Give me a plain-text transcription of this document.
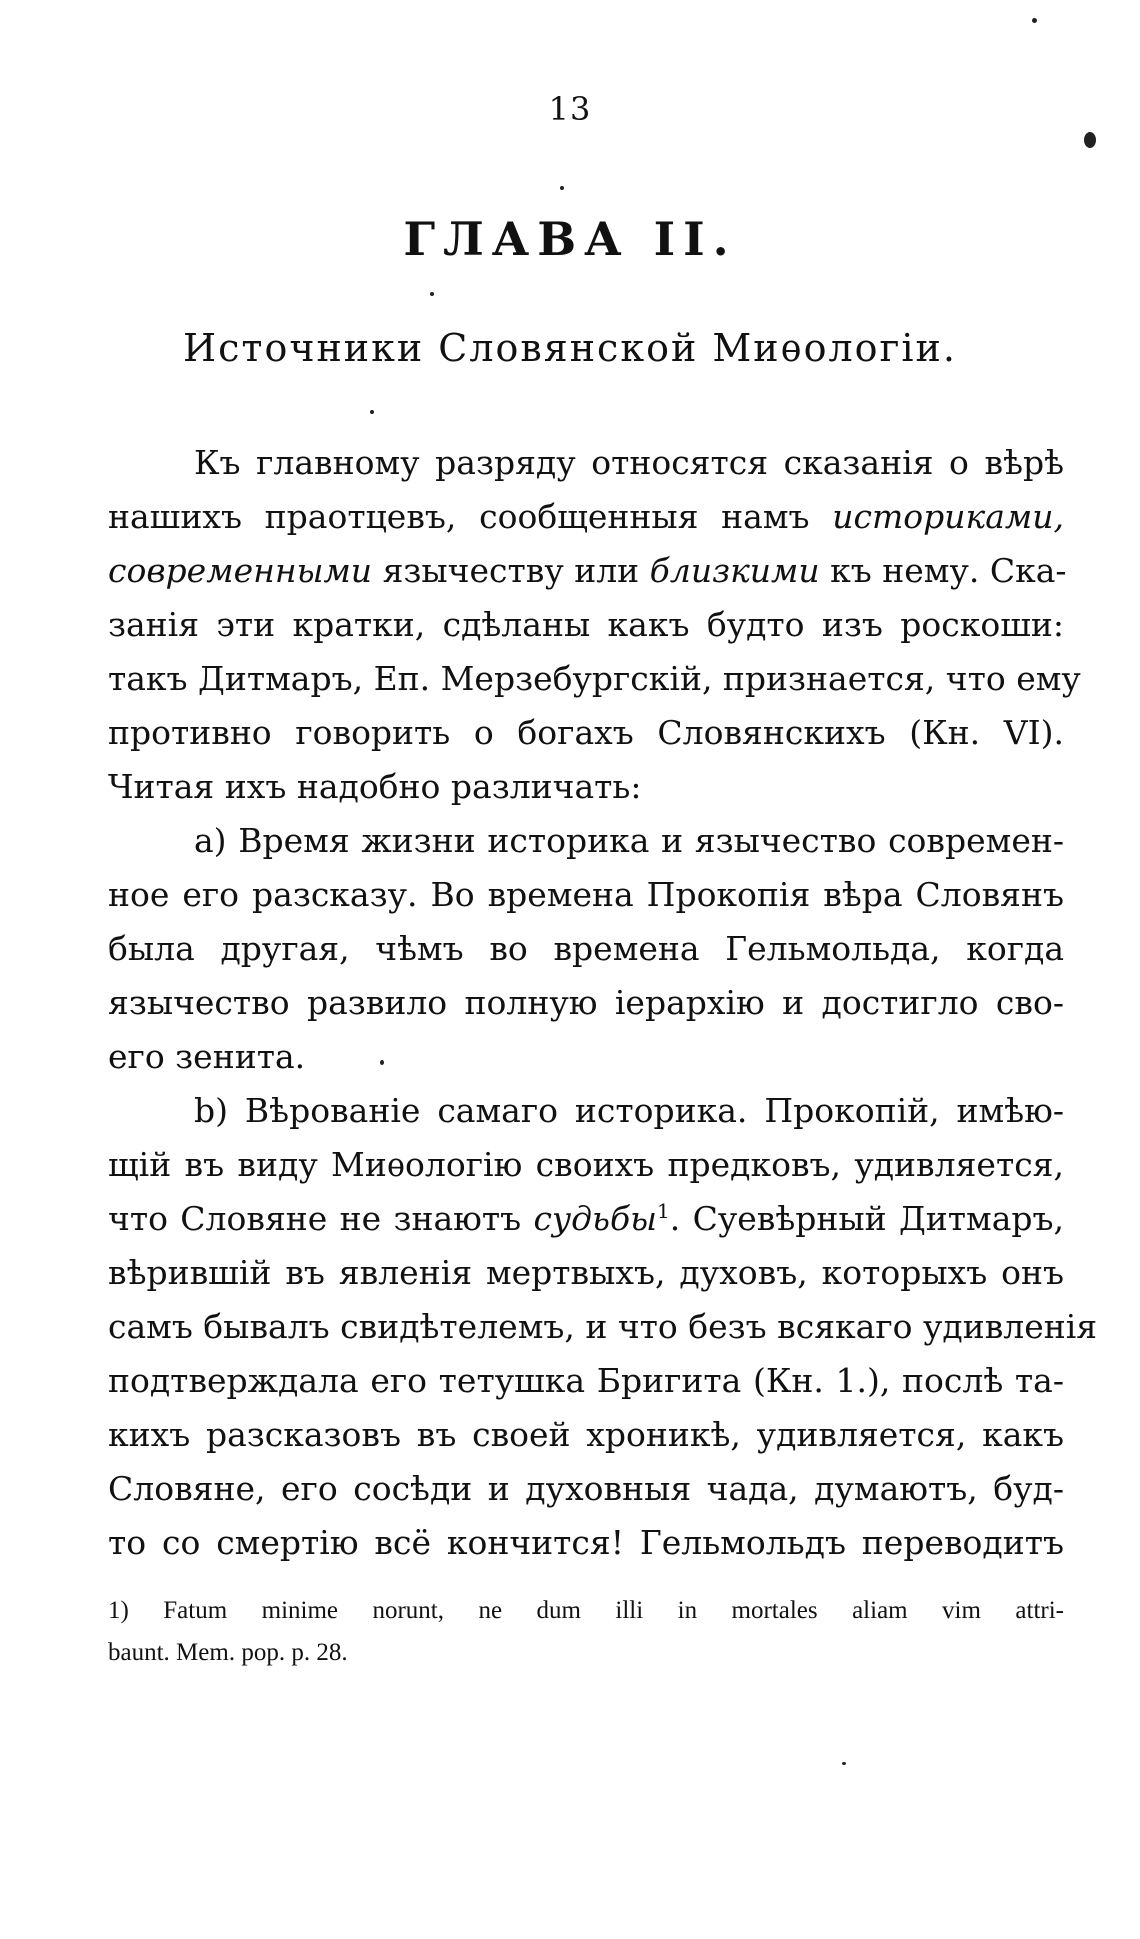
13
ГЛАВА II.
Источники Словянской Миѳологіи.
Къ главному разряду относятся сказанія о вѣрѣ
нашихъ праотцевъ, сообщенныя намъ историками,
современными язычеству или близкими къ нему. Ска-
занія эти кратки, сдѣланы какъ будто изъ роскоши:
такъ Дитмаръ, Еп. Мерзебургскій, признается, что ему
противно говорить о богахъ Словянскихъ (Кн. VI).
Читая ихъ надобно различать:
a) Время жизни историка и язычество современ-
ное его разсказу. Во времена Прокопія вѣра Словянъ
была другая, чѣмъ во времена Гельмольда, когда
язычество развило полную іерархію и достигло сво-
его зенита.
b) Вѣрованіе самаго историка. Прокопій, имѣю-
щій въ виду Миѳологію своихъ предковъ, удивляется,
что Словяне не знаютъ судьбы$^1$. Суевѣрный Дитмаръ,
вѣрившій въ явленія мертвыхъ, духовъ, которыхъ онъ
самъ бывалъ свидѣтелемъ, и что безъ всякаго удивленія
подтверждала его тетушка Бригита (Кн. 1.), послѣ та-
кихъ разсказовъ въ своей хроникѣ, удивляется, какъ
Словяне, его сосѣди и духовныя чада, думаютъ, буд-
то со смертію всё кончится! Гельмольдъ переводитъ
1) Fatum minime norunt, ne dum illi in mortales aliam vim attri-
baunt. Mem. pop. p. 28.
